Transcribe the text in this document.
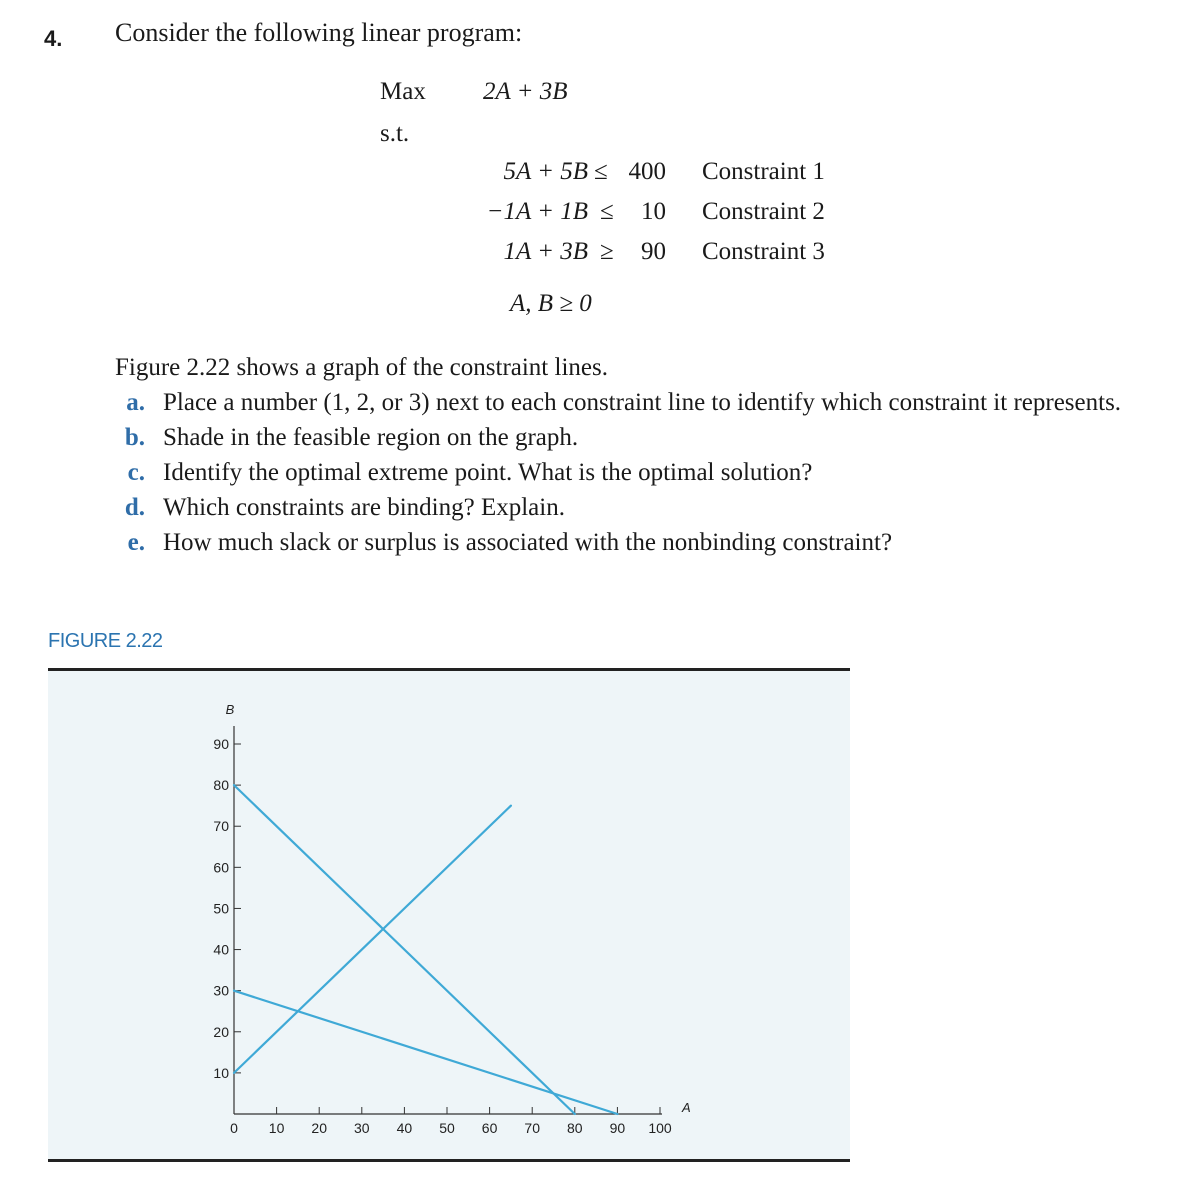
4. Consider the following linear program:
Max 2A + 3B
s.t.
5A + 5B ≤ 400 Constraint 1
−1A + 1B ≤	10 Constraint 2
1A + 3B ≥	90 Constraint 3
A, B ≥ 0
Figure 2.22 shows a graph of the constraint lines.
a. Place a number (1, 2, or 3) next to each constraint line to identify which constraint it represents.
b. Shade in the feasible region on the graph.
c. Identify the optimal extreme point. What is the optimal solution?
d. Which constraints are binding? Explain.
e. How much slack or surplus is associated with the nonbinding constraint?
FIGURE 2.22
A
B
0 10 20 30 40 50 60 70 80 90 100
10
20
30
40
50
60
70
80
90
